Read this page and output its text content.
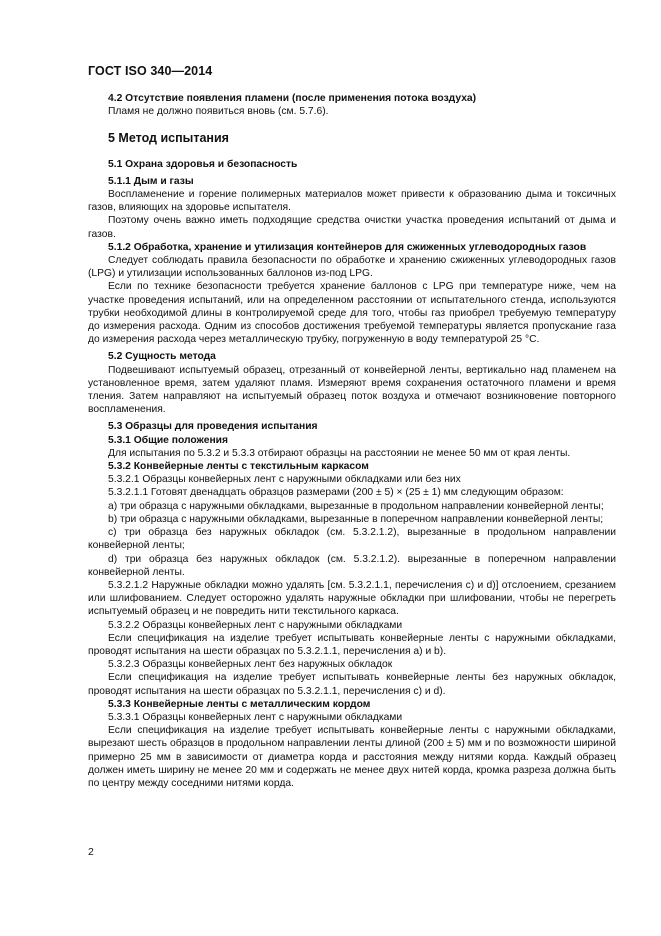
ГОСТ ISO 340—2014

4.2 Отсутствие появления пламени (после применения потока воздуха)

Пламя не должно появиться вновь (см. 5.7.6).

5 Метод испытания

5.1 Охрана здоровья и безопасность

5.1.1 Дым и газы

Воспламенение и горение полимерных материалов может привести к образованию дыма и токсичных газов, влияющих на здоровье испытателя.

Поэтому очень важно иметь подходящие средства очистки участка проведения испытаний от дыма и газов.

5.1.2 Обработка, хранение и утилизация контейнеров для сжиженных углеводородных газов

Следует соблюдать правила безопасности по обработке и хранению сжиженных углеводородных газов (LPG) и утилизации использованных баллонов из-под LPG.

Если по технике безопасности требуется хранение баллонов с LPG при температуре ниже, чем на участке проведения испытаний, или на определенном расстоянии от испытательного стенда, используются трубки необходимой длины в контролируемой среде для того, чтобы газ приобрел требуемую температуру до измерения расхода. Одним из способов достижения требуемой температуры является пропускание газа до измерения расхода через металлическую трубку, погруженную в воду температурой 25 °С.

5.2 Сущность метода

Подвешивают испытуемый образец, отрезанный от конвейерной ленты, вертикально над пламенем на установленное время, затем удаляют пламя. Измеряют время сохранения остаточного пламени и время тления. Затем направляют на испытуемый образец поток воздуха и отмечают возникновение повторного воспламенения.

5.3 Образцы для проведения испытания

5.3.1 Общие положения

Для испытания по 5.3.2 и 5.3.3 отбирают образцы на расстоянии не менее 50 мм от края ленты.

5.3.2 Конвейерные ленты с текстильным каркасом

5.3.2.1 Образцы конвейерных лент с наружными обкладками или без них

5.3.2.1.1 Готовят двенадцать образцов размерами (200 ± 5) × (25 ± 1) мм следующим образом:

a) три образца с наружными обкладками, вырезанные в продольном направлении конвейерной ленты;

b) три образца с наружными обкладками, вырезанные в поперечном направлении конвейерной ленты;

c) три образца без наружных обкладок (см. 5.3.2.1.2), вырезанные в продольном направлении конвейерной ленты;

d) три образца без наружных обкладок (см. 5.3.2.1.2). вырезанные в поперечном направлении конвейерной ленты.

5.3.2.1.2 Наружные обкладки можно удалять [см. 5.3.2.1.1, перечисления с) и d)] отслоением, срезанием или шлифованием. Следует осторожно удалять наружные обкладки при шлифовании, чтобы не перегреть испытуемый образец и не повредить нити текстильного каркаса.

5.3.2.2 Образцы конвейерных лент с наружными обкладками

Если спецификация на изделие требует испытывать конвейерные ленты с наружными обкладками, проводят испытания на шести образцах по 5.3.2.1.1, перечисления а) и b).

5.3.2.3 Образцы конвейерных лент без наружных обкладок

Если спецификация на изделие требует испытывать конвейерные ленты без наружных обкладок, проводят испытания на шести образцах по 5.3.2.1.1, перечисления с) и d).

5.3.3 Конвейерные ленты с металлическим кордом

5.3.3.1 Образцы конвейерных лент с наружными обкладками

Если спецификация на изделие требует испытывать конвейерные ленты с наружными обкладками, вырезают шесть образцов в продольном направлении ленты длиной (200 ± 5) мм и по возможности шириной примерно 25 мм в зависимости от диаметра корда и расстояния между нитями корда. Каждый образец должен иметь ширину не менее 20 мм и содержать не менее двух нитей корда, кромка разреза должна быть по центру между соседними нитями корда.

2
